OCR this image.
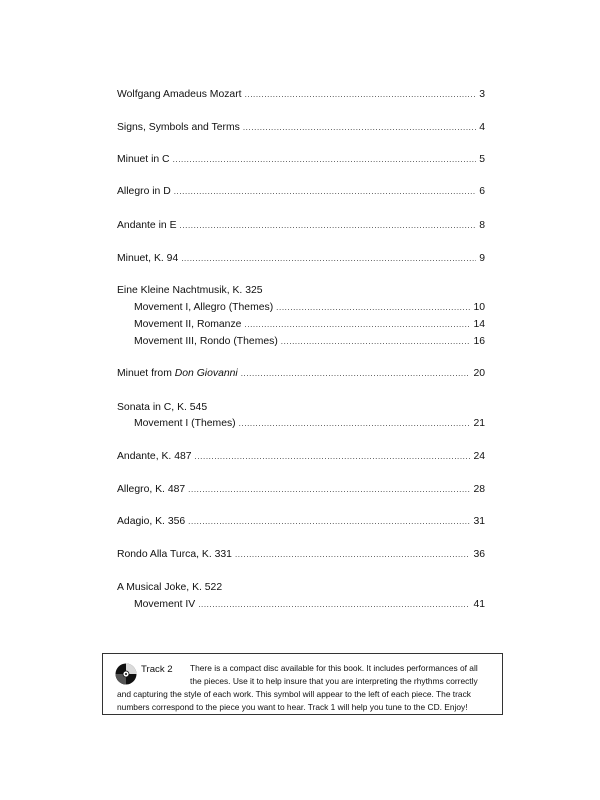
Wolfgang Amadeus Mozart .....	3
Signs, Symbols and Terms .....	4
Minuet in C .....	5
Allegro in D .....	6
Andante in E .....	8
Minuet, K. 94 .....	9
Eine Kleine Nachtmusik, K. 325
Movement I, Allegro (Themes) .....	10
Movement II, Romanze .....	14
Movement III, Rondo (Themes) .....	16
Minuet from Don Giovanni .....	20
Sonata in C, K. 545
Movement I (Themes) .....	21
Andante, K. 487 .....	24
Allegro, K. 487 .....	28
Adagio, K. 356 .....	31
Rondo Alla Turca, K. 331 .....	36
A Musical Joke, K. 522
Movement IV .....	41
Track 2 There is a compact disc available for this book. It includes performances of all
the pieces. Use it to help insure that you are interpreting the rhythms correctly
and capturing the style of each work. This symbol will appear to the left of each piece. The track
numbers correspond to the piece you want to hear. Track 1 will help you tune to the CD. Enjoy!
